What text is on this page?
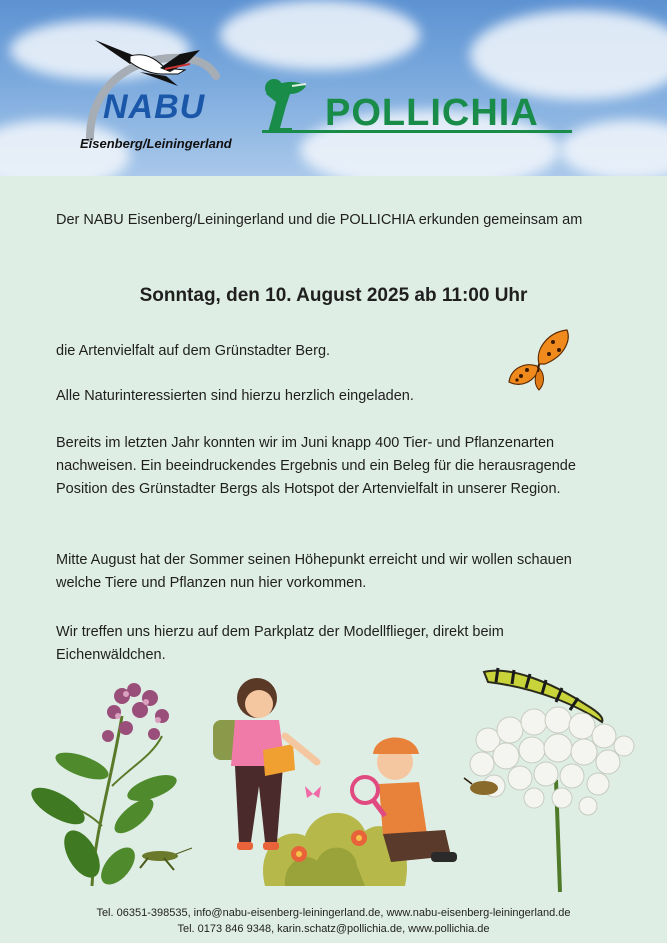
NABU
Eisenberg/Leiningerland
POLLICHIA
Der NABU Eisenberg/Leiningerland und die POLLICHIA erkunden gemeinsam am
Sonntag, den 10. August 2025 ab 11:00 Uhr
die Artenvielfalt auf dem Grünstadter Berg.
Alle Naturinteressierten sind hierzu herzlich eingeladen.
Bereits im letzten Jahr konnten wir im Juni knapp 400 Tier- und Pflanzenarten nachweisen. Ein beeindruckendes Ergebnis und ein Beleg für die herausragende Position des Grünstadter Bergs als Hotspot der Artenvielfalt in unserer Region.
Mitte August hat der Sommer seinen Höhepunkt erreicht und wir wollen schauen welche Tiere und Pflanzen nun hier vorkommen.
Wir treffen uns hierzu auf dem Parkplatz der Modellflieger, direkt beim Eichenwäldchen.
Tel. 06351-398535, info@nabu-eisenberg-leiningerland.de, www.nabu-eisenberg-leiningerland.de
Tel. 0173 846 9348, karin.schatz@pollichia.de, www.pollichia.de
